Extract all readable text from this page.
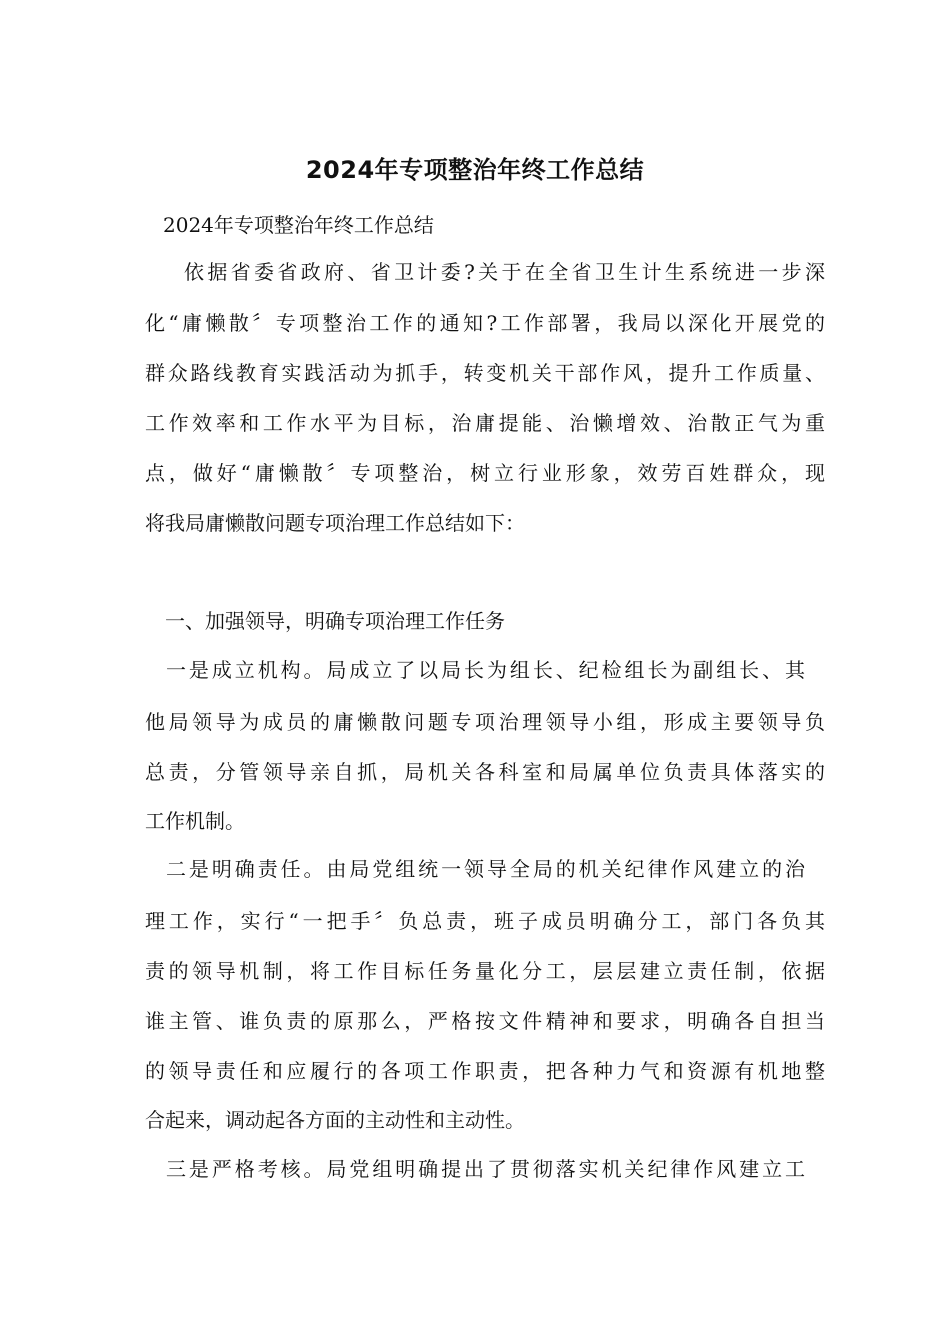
2024年专项整治年终工作总结
2024年专项整治年终工作总结
依据省委省政府、省卫计委?关于在全省卫生计生系统进一步深
化“庸懒散〞专项整治工作的通知?工作部署，我局以深化开展党的
群众路线教育实践活动为抓手，转变机关干部作风，提升工作质量、
工作效率和工作水平为目标，治庸提能、治懒增效、治散正气为重
点，做好“庸懒散〞专项整治，树立行业形象，效劳百姓群众，现
将我局庸懒散问题专项治理工作总结如下：
一、加强领导，明确专项治理工作任务
一是成立机构。局成立了以局长为组长、纪检组长为副组长、其
他局领导为成员的庸懒散问题专项治理领导小组，形成主要领导负
总责，分管领导亲自抓，局机关各科室和局属单位负责具体落实的
工作机制。
二是明确责任。由局党组统一领导全局的机关纪律作风建立的治
理工作，实行“一把手〞负总责，班子成员明确分工，部门各负其
责的领导机制，将工作目标任务量化分工，层层建立责任制，依据
谁主管、谁负责的原那么，严格按文件精神和要求，明确各自担当
的领导责任和应履行的各项工作职责，把各种力气和资源有机地整
合起来，调动起各方面的主动性和主动性。
三是严格考核。局党组明确提出了贯彻落实机关纪律作风建立工
